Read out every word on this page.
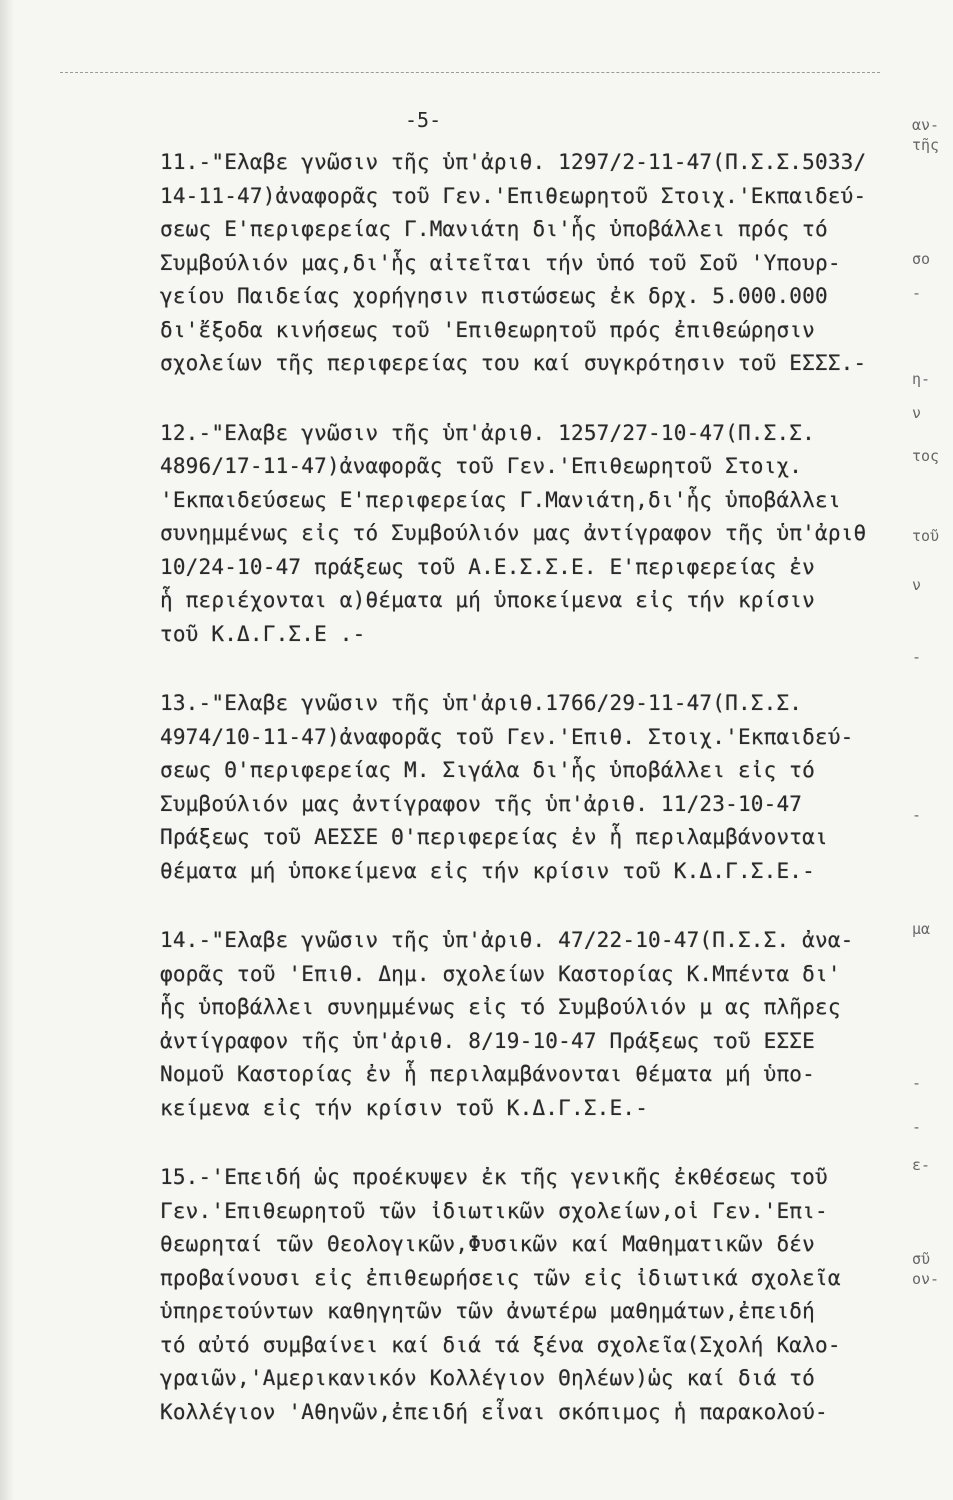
-5-
11.-"Ελαβε γνῶσιν τῆς ὑπ'ἀριθ. 1297/2-11-47(Π.Σ.Σ.5033/
14-11-47)ἀναφορᾶς τοῦ Γεν.'Επιθεωρητοῦ Στοιχ.'Εκπαιδεύ-
σεως Ε'περιφερείας Γ.Μανιάτη δι'ἧς ὑποβάλλει πρός τό
Συμβούλιόν μας,δι'ἧς αἰτεῖται τήν ὑπό τοῦ Σοῦ 'Υπουρ-
γείου Παιδείας χορήγησιν πιστώσεως ἐκ δρχ. 5.000.000
δι'ἔξοδα κινήσεως τοῦ 'Επιθεωρητοῦ πρός ἐπιθεώρησιν
σχολείων τῆς περιφερείας του καί συγκρότησιν τοῦ ΕΣΣΣ.-
12.-"Ελαβε γνῶσιν τῆς ὑπ'ἀριθ. 1257/27-10-47(Π.Σ.Σ.
4896/17-11-47)ἀναφορᾶς τοῦ Γεν.'Επιθεωρητοῦ Στοιχ.
'Εκπαιδεύσεως Ε'περιφερείας Γ.Μανιάτη,δι'ἧς ὑποβάλλει
συνημμένως εἰς τό Συμβούλιόν μας ἀντίγραφον τῆς ὑπ'ἀριθ
10/24-10-47 πράξεως τοῦ Α.Ε.Σ.Σ.Ε. Ε'περιφερείας ἐν
ἧ περιέχονται α)θέματα μή ὑποκείμενα εἰς τήν κρίσιν
τοῦ Κ.Δ.Γ.Σ.Ε .-
13.-"Ελαβε γνῶσιν τῆς ὑπ'ἀριθ.1766/29-11-47(Π.Σ.Σ.
4974/10-11-47)ἀναφορᾶς τοῦ Γεν.'Επιθ. Στοιχ.'Εκπαιδεύ-
σεως Θ'περιφερείας Μ. Σιγάλα δι'ἧς ὑποβάλλει εἰς τό
Συμβούλιόν μας ἀντίγραφον τῆς ὑπ'ἀριθ. 11/23-10-47
Πράξεως τοῦ ΑΕΣΣΕ Θ'περιφερείας ἐν ἧ περιλαμβάνονται
θέματα μή ὑποκείμενα εἰς τήν κρίσιν τοῦ Κ.Δ.Γ.Σ.Ε.-
14.-"Ελαβε γνῶσιν τῆς ὑπ'ἀριθ. 47/22-10-47(Π.Σ.Σ. ἀνα-
φορᾶς τοῦ 'Επιθ. Δημ. σχολείων Καστορίας Κ.Μπέντα δι'
ἧς ὑποβάλλει συνημμένως εἰς τό Συμβούλιόν μ ας πλῆρες
ἀντίγραφον τῆς ὑπ'ἀριθ. 8/19-10-47 Πράξεως τοῦ ΕΣΣΕ
Νομοῦ Καστορίας ἐν ἧ περιλαμβάνονται θέματα μή ὑπο-
κείμενα εἰς τήν κρίσιν τοῦ Κ.Δ.Γ.Σ.Ε.-
15.-'Επειδή ὡς προέκυψεν ἐκ τῆς γενικῆς ἐκθέσεως τοῦ
Γεν.'Επιθεωρητοῦ τῶν ἰδιωτικῶν σχολείων,οἱ Γεν.'Επι-
θεωρηταί τῶν Θεολογικῶν,Φυσικῶν καί Μαθηματικῶν δέν
προβαίνουσι εἰς ἐπιθεωρήσεις τῶν εἰς ἰδιωτικά σχολεῖα
ὑπηρετούντων καθηγητῶν τῶν ἀνωτέρω μαθημάτων,ἐπειδή
τό αὐτό συμβαίνει καί διά τά ξένα σχολεῖα(Σχολή Καλο-
γραιῶν,'Αμερικανικόν Κολλέγιον Θηλέων)ὡς καί διά τό
Κολλέγιον 'Αθηνῶν,ἐπειδή εἶναι σκόπιμος ἡ παρακολού-
αν-
τῆς
σο
-
η-
ν
τος
τοῦ
ν
-
-
μα
-
-
ε-
σῦ
ον-
